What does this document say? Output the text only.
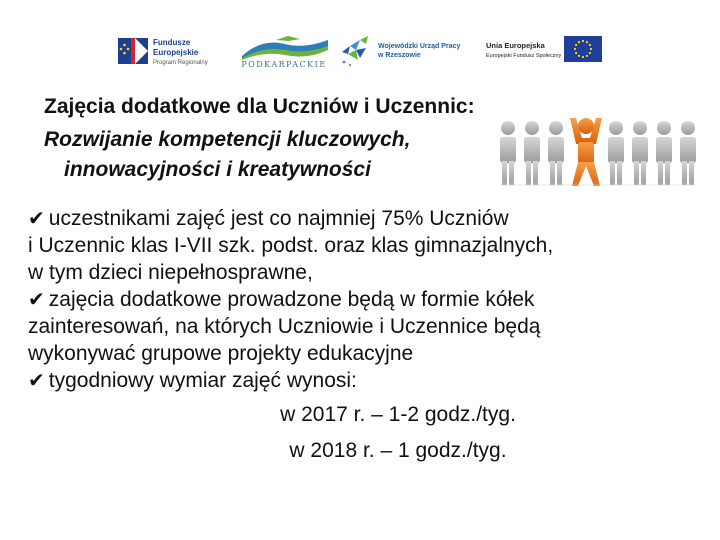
Fundusze
Europejskie
Program Regionalny	PODKARPACKIE
Wojewódzki Urząd Pracy
w Rzeszowie
Unia Europejska
Europejski Fundusz Społeczny
Zajęcia dodatkowe dla Uczniów i Uczennic:
Rozwijanie kompetencji kluczowych,
innowacyjności i kreatywności

✔ uczestnikami zajęć jest co najmniej 75% Uczniów
i Uczennic klas I-VII szk. podst. oraz klas gimnazjalnych,
w tym dzieci niepełnosprawne,

✔ zajęcia dodatkowe prowadzone będą w formie kółek
zainteresowań, na których Uczniowie i Uczennice będą
wykonywać grupowe projekty edukacyjne

✔ tygodniowy wymiar zajęć wynosi:

w 2017 r. – 1-2 godz./tyg.
w 2018 r. – 1 godz./tyg.
